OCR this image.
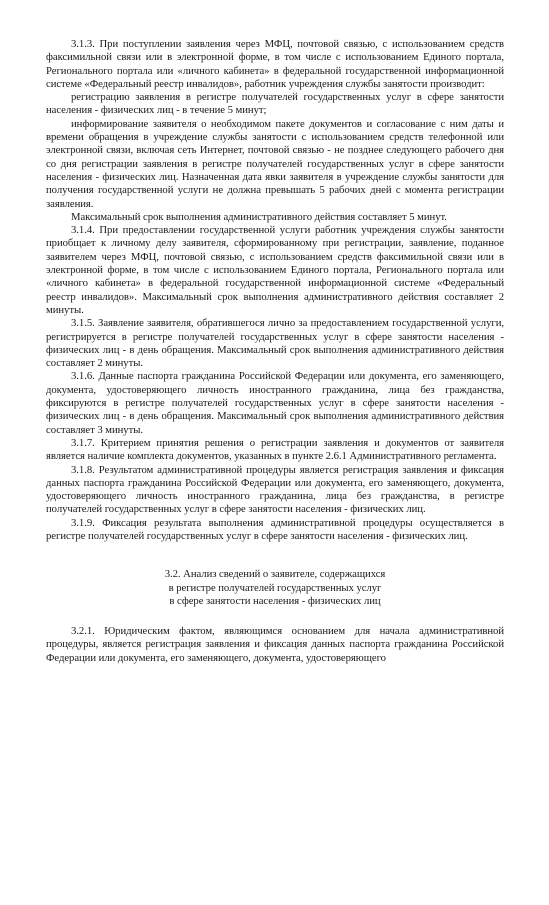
3.1.3. При поступлении заявления через МФЦ, почтовой связью, с использованием средств факсимильной связи или в электронной форме, в том числе с использованием Единого портала, Регионального портала или «личного кабинета» в федеральной государственной информационной системе «Федеральный реестр инвалидов», работник учреждения службы занятости производит:

регистрацию заявления в регистре получателей государственных услуг в сфере занятости населения - физических лиц - в течение 5 минут;

информирование заявителя о необходимом пакете документов и согласование с ним даты и времени обращения в учреждение службы занятости с использованием средств телефонной или электронной связи, включая сеть Интернет, почтовой связью - не позднее следующего рабочего дня со дня регистрации заявления в регистре получателей государственных услуг в сфере занятости населения - физических лиц. Назначенная дата явки заявителя в учреждение службы занятости для получения государственной услуги не должна превышать 5 рабочих дней с момента регистрации заявления.

Максимальный срок выполнения административного действия составляет 5 минут.

3.1.4. При предоставлении государственной услуги работник учреждения службы занятости приобщает к личному делу заявителя, сформированному при регистрации, заявление, поданное заявителем через МФЦ, почтовой связью, с использованием средств факсимильной связи или в электронной форме, в том числе с использованием Единого портала, Регионального портала или «личного кабинета» в федеральной государственной информационной системе «Федеральный реестр инвалидов». Максимальный срок выполнения административного действия составляет 2 минуты.

3.1.5. Заявление заявителя, обратившегося лично за предоставлением государственной услуги, регистрируется в регистре получателей государственных услуг в сфере занятости населения - физических лиц - в день обращения. Максимальный срок выполнения административного действия составляет 2 минуты.

3.1.6. Данные паспорта гражданина Российской Федерации или документа, его заменяющего, документа, удостоверяющего личность иностранного гражданина, лица без гражданства, фиксируются в регистре получателей государственных услуг в сфере занятости населения - физических лиц - в день обращения. Максимальный срок выполнения административного действия составляет 3 минуты.

3.1.7. Критерием принятия решения о регистрации заявления и документов от заявителя является наличие комплекта документов, указанных в пункте 2.6.1 Административного регламента.

3.1.8. Результатом административной процедуры является регистрация заявления и фиксация данных паспорта гражданина Российской Федерации или документа, его заменяющего, документа, удостоверяющего личность иностранного гражданина, лица без гражданства, в регистре получателей государственных услуг в сфере занятости населения - физических лиц.

3.1.9. Фиксация результата выполнения административной процедуры осуществляется в регистре получателей государственных услуг в сфере занятости населения - физических лиц.

3.2. Анализ сведений о заявителе, содержащихся
в регистре получателей государственных услуг
в сфере занятости населения - физических лиц

3.2.1. Юридическим фактом, являющимся основанием для начала административной процедуры, является регистрация заявления и фиксация данных паспорта гражданина Российской Федерации или документа, его заменяющего, документа, удостоверяющего
